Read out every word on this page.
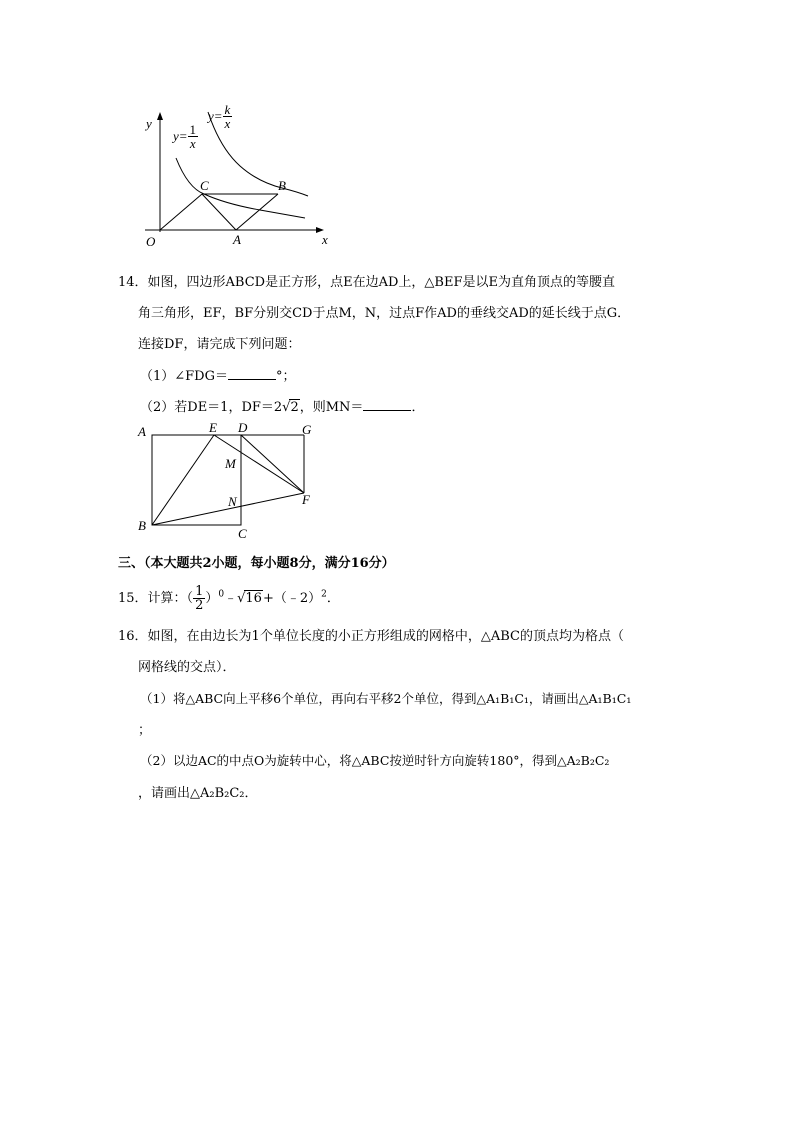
y
x
O	A
B
C
$y= \frac{1}{x}$
$y= \frac{k}{x}$
14．如图，四边形ABCD是正方形，点E在边AD上，△BEF是以E为直角顶点的等腰直
角三角形，EF，BF分别交CD于点M，N，过点F作AD的垂线交AD的延长线于点G．
连接DF，请完成下列问题：
（1）∠FDG＝	°；
（2）若DE＝1，DF＝2√2，则MN＝	．
A	E D	G
M
N	F
B
C
三、（本大题共2小题，每小题8分，满分16分）
15．计算：（ $\frac{1}{2}$ ）$^0$﹣√16+（﹣2）$^2$．
16．如图，在由边长为1个单位长度的小正方形组成的网格中，△ABC的顶点均为格点（
网格线的交点）．
（1）将△ABC向上平移6个单位，再向右平移2个单位，得到△A₁B₁C₁，请画出△A₁B₁C₁
；
（2）以边AC的中点O为旋转中心，将△ABC按逆时针方向旋转180°，得到△A₂B₂C₂
，请画出△A₂B₂C₂．
